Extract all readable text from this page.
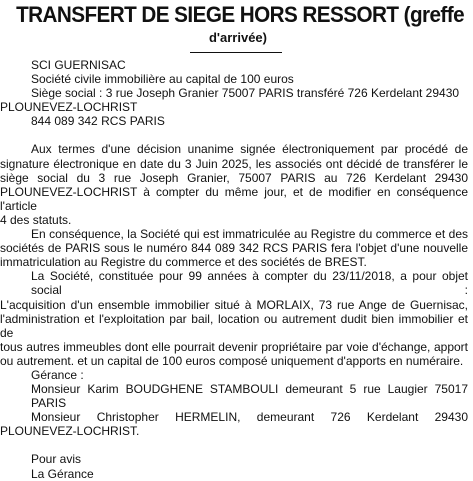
TRANSFERT DE SIEGE HORS RESSORT (greffe
d'arrivée)
SCI GUERNISAC
Société civile immobilière au capital de 100 euros
Siège social : 3 rue Joseph Granier 75007 PARIS transféré 726 Kerdelant 29430
PLOUNEVEZ-LOCHRIST
844 089 342 RCS PARIS
Aux termes d'une décision unanime signée électroniquement par procédé de
signature électronique en date du 3 Juin 2025, les associés ont décidé de transférer le
siège social du 3 rue Joseph Granier, 75007 PARIS au 726 Kerdelant 29430
PLOUNEVEZ-LOCHRIST à compter du même jour, et de modifier en conséquence l'article
4 des statuts.
En conséquence, la Société qui est immatriculée au Registre du commerce et des
sociétés de PARIS sous le numéro 844 089 342 RCS PARIS fera l'objet d'une nouvelle
immatriculation au Registre du commerce et des sociétés de BREST.
La Société, constituée pour 99 années à compter du 23/11/2018, a pour objet social :
L'acquisition d'un ensemble immobilier situé à MORLAIX, 73 rue Ange de Guernisac,
l'administration et l'exploitation par bail, location ou autrement dudit bien immobilier et de
tous autres immeubles dont elle pourrait devenir propriétaire par voie d'échange, apport
ou autrement. et un capital de 100 euros composé uniquement d'apports en numéraire.
Gérance :
Monsieur Karim BOUDGHENE STAMBOULI demeurant 5 rue Laugier 75017 PARIS
Monsieur Christopher HERMELIN, demeurant 726 Kerdelant 29430
PLOUNEVEZ-LOCHRIST.
Pour avis
La Gérance
